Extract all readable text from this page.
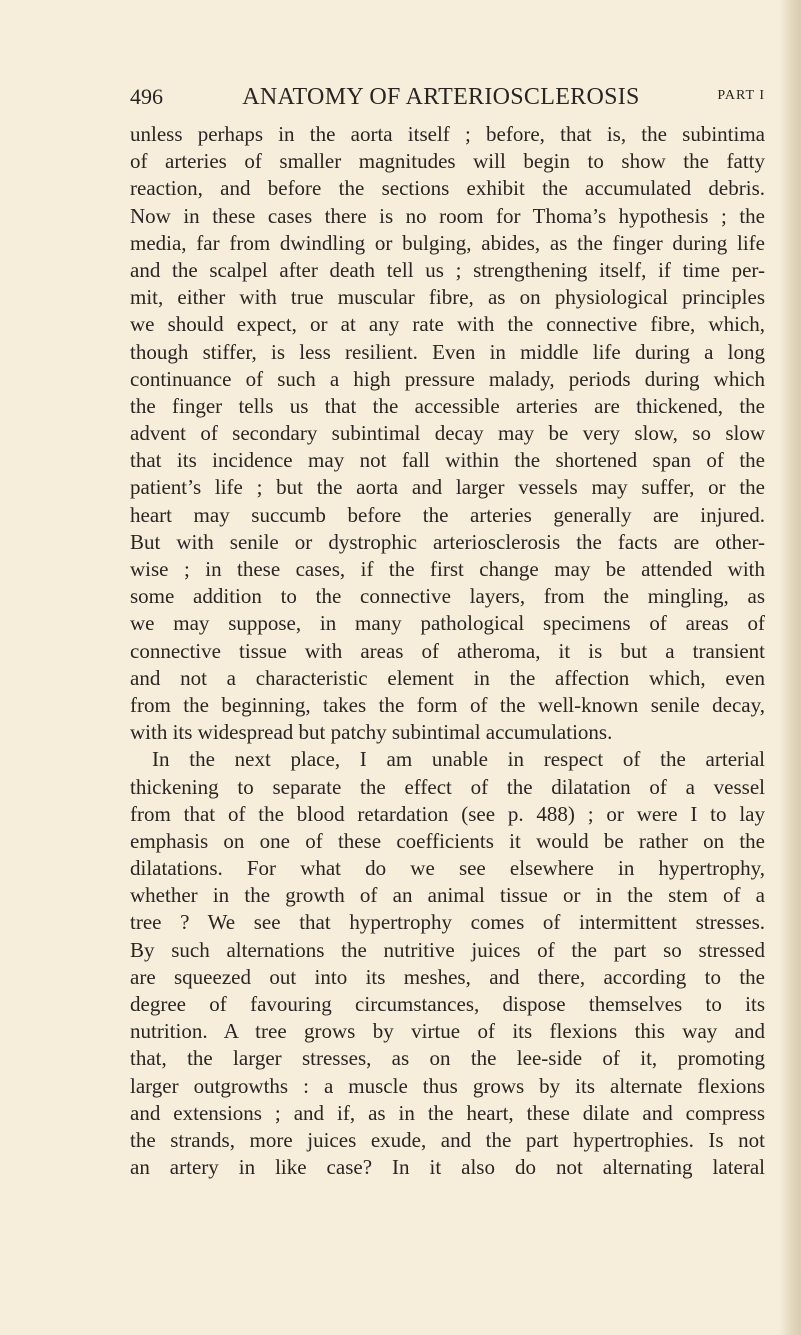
496	ANATOMY OF ARTERIOSCLEROSIS	PART I
unless perhaps in the aorta itself ; before, that is, the subintima
of arteries of smaller magnitudes will begin to show the fatty
reaction, and before the sections exhibit the accumulated debris.
Now in these cases there is no room for Thoma’s hypothesis ; the
media, far from dwindling or bulging, abides, as the finger during life
and the scalpel after death tell us ; strengthening itself, if time per-
mit, either with true muscular fibre, as on physiological principles
we should expect, or at any rate with the connective fibre, which,
though stiffer, is less resilient. Even in middle life during a long
continuance of such a high pressure malady, periods during which
the finger tells us that the accessible arteries are thickened, the
advent of secondary subintimal decay may be very slow, so slow
that its incidence may not fall within the shortened span of the
patient’s life ; but the aorta and larger vessels may suffer, or the
heart may succumb before the arteries generally are injured.
But with senile or dystrophic arteriosclerosis the facts are other-
wise ; in these cases, if the first change may be attended with
some addition to the connective layers, from the mingling, as
we may suppose, in many pathological specimens of areas of
connective tissue with areas of atheroma, it is but a transient
and not a characteristic element in the affection which, even
from the beginning, takes the form of the well-known senile decay,
with its widespread but patchy subintimal accumulations.
In the next place, I am unable in respect of the arterial
thickening to separate the effect of the dilatation of a vessel
from that of the blood retardation (see p. 488) ; or were I to lay
emphasis on one of these coefficients it would be rather on the
dilatations. For what do we see elsewhere in hypertrophy,
whether in the growth of an animal tissue or in the stem of a
tree ? We see that hypertrophy comes of intermittent stresses.
By such alternations the nutritive juices of the part so stressed
are squeezed out into its meshes, and there, according to the
degree of favouring circumstances, dispose themselves to its
nutrition. A tree grows by virtue of its flexions this way and
that, the larger stresses, as on the lee-side of it, promoting
larger outgrowths : a muscle thus grows by its alternate flexions
and extensions ; and if, as in the heart, these dilate and compress
the strands, more juices exude, and the part hypertrophies. Is not
an artery in like case? In it also do not alternating lateral
